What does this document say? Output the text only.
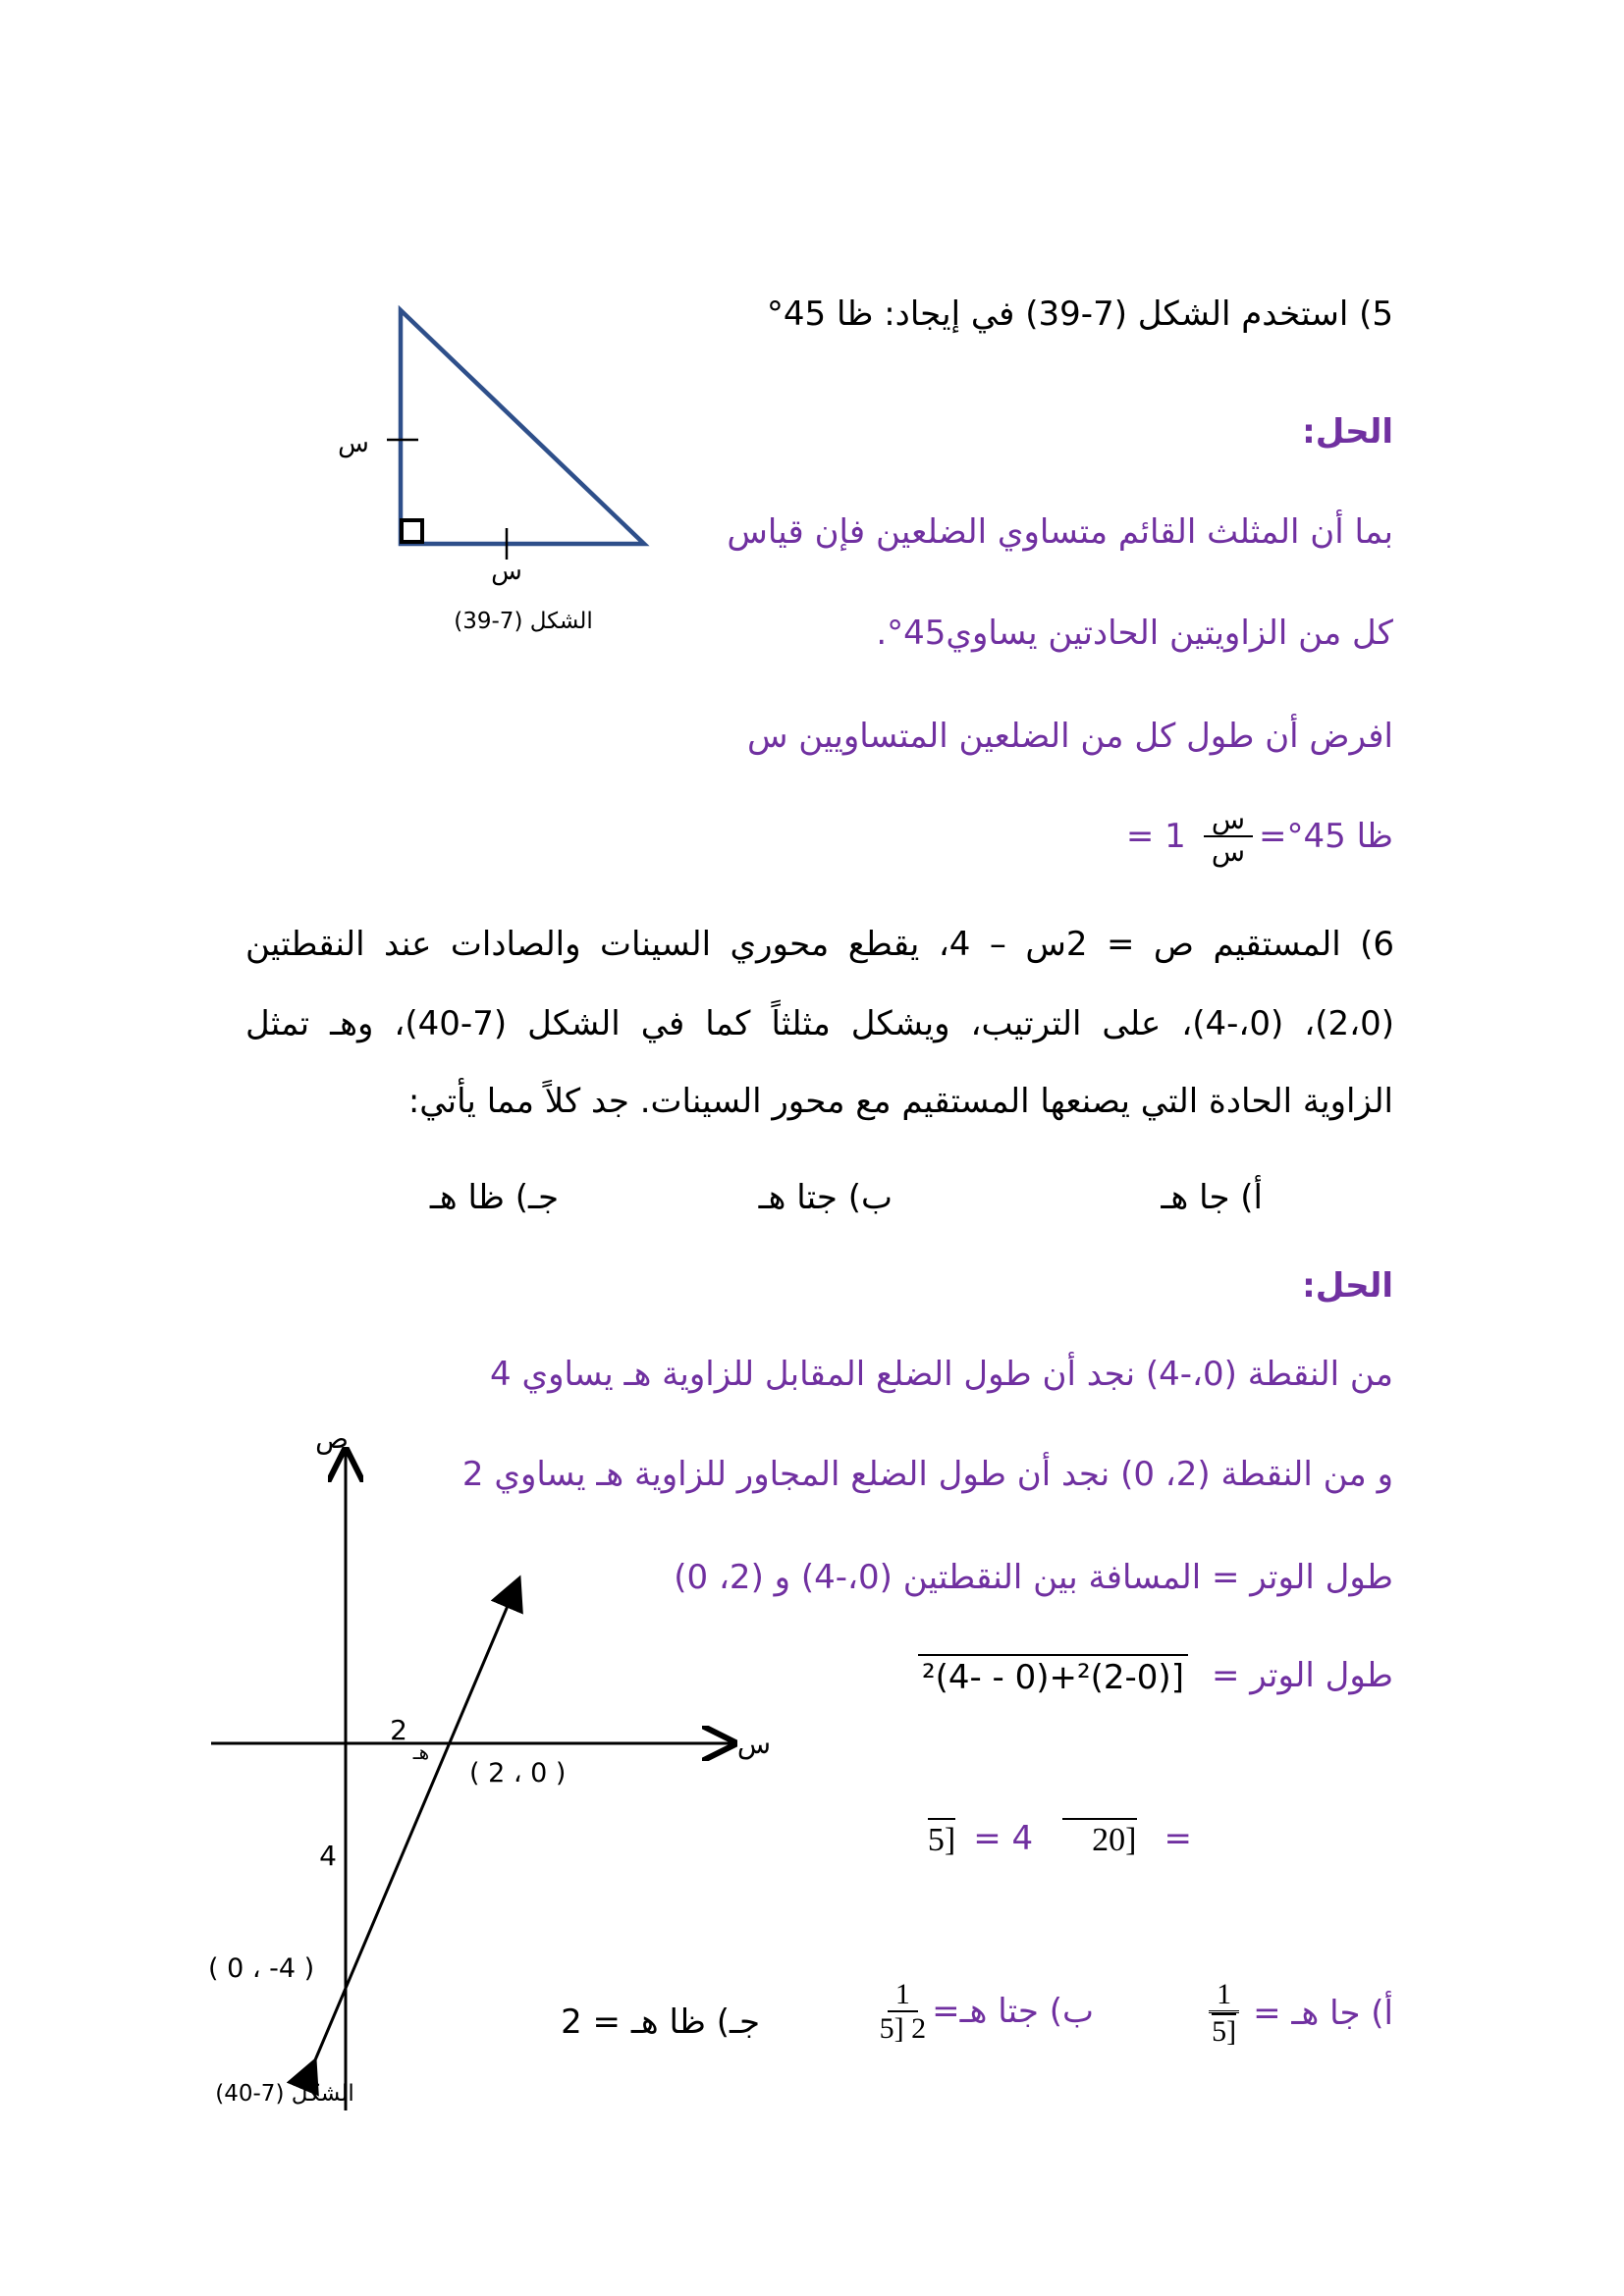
5) استخدم الشكل (7-39) في إيجاد: ظا 45°
الحل:
بما أن المثلث القائم متساوي الضلعين فإن قياس
كل من الزاويتين الحادتين يساوي45°.
افرض أن طول كل من الضلعين المتساويين س
= $1 \frac{\text{س}}{\text{س}}$ ظا 45°=
س
س
الشكل (7-39)
6) المستقيم ص = 2س – 4، يقطع محوري السينات والصادات عند النقطتين
(2،0)، (0،-4)، على الترتيب، ويشكل مثلثاً كما في الشكل (7-40)، وهـ تمثل
الزاوية الحادة التي يصنعها المستقيم مع محور السينات. جد كلاً مما يأتي:
أ) جا هـ
ب) جتا هـ
جـ) ظا هـ
الحل:
من النقطة (0،-4) نجد أن طول الضلع المقابل للزاوية هـ يساوي 4
و من النقطة (2، 0) نجد أن طول الضلع المجاور للزاوية هـ يساوي 2
طول الوتر = المسافة بين النقطتين (0،-4) و (2، 0)
[(0-2)²+(0 - -4)² طول الوتر =
5] = 4	20] =
$\frac{1}{5]}$ أ) جا هـ =
$\frac{1}{2 [5}$ ب) جتا هـ=
جـ) ظا هـ = 2
ص
س
2
هـ
( 2 ، 0 )
4
( 0 ، -4 )
الشكل (7-40)
